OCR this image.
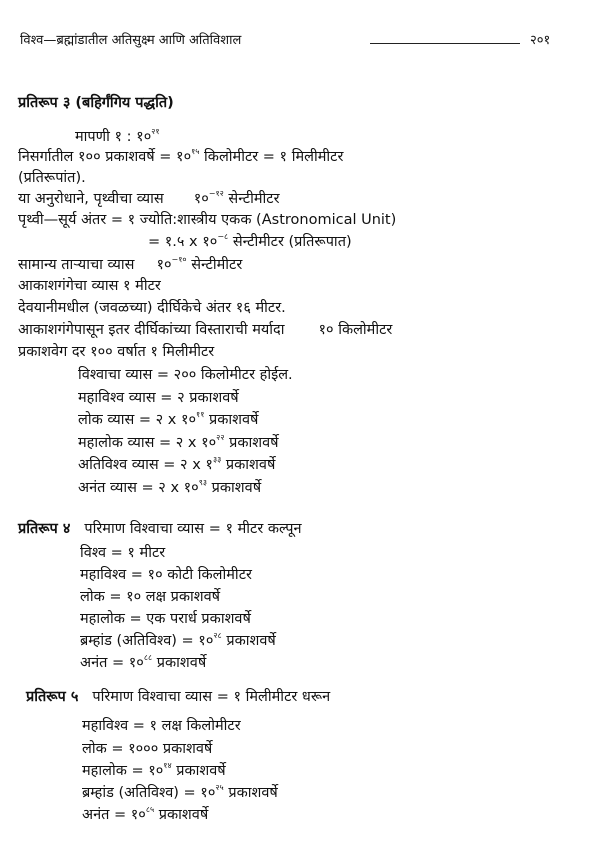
विश्व—ब्रह्मांडातील अतिसुक्ष्म आणि अतिविशाल	२०१
प्रतिरूप ३ (बहिर्गंगिय पद्धति)
मापणी १ : $१०^{२१}$
निसर्गातील १०० प्रकाशवर्षे = $१०^{१५}$ किलोमीटर = १ मिलीमीटर
(प्रतिरूपांत).
या अनुरोधाने, पृथ्वीचा व्यास $१०^{-१२}$ सेन्टीमीटर
पृथ्वी—सूर्य अंतर = १ ज्योति:शास्त्रीय एकक (Astronomical Unit)
= १.५ x $१०^{-८}$ सेन्टीमीटर (प्रतिरूपात)
सामान्य ताऱ्याचा व्यास $१०^{-१०}$ सेन्टीमीटर
आकाशगंगेचा व्यास १ मीटर
देवयानीमधील (जवळच्या) दीर्घिकेचे अंतर १६ मीटर.
आकाशगंगेपासून इतर दीर्घिकांच्या विस्ताराची मर्यादा १० किलोमीटर
प्रकाशवेग दर १०० वर्षात १ मिलीमीटर
विश्वाचा व्यास = २०० किलोमीटर होईल.
महाविश्व व्यास = २ प्रकाशवर्षे
लोक व्यास = २ x $१०^{११}$ प्रकाशवर्षे
महालोक व्यास = २ x $१०^{२२}$ प्रकाशवर्षे
अतिविश्व व्यास = २ x $१^{३३}$ प्रकाशवर्षे
अनंत व्यास = २ x $१०^{९३}$ प्रकाशवर्षे
प्रतिरूप ४ परिमाण विश्वाचा व्यास = १ मीटर कल्पून
विश्व = १ मीटर
महाविश्व = १० कोटी किलोमीटर
लोक = १० लक्ष प्रकाशवर्षे
महालोक = एक परार्ध प्रकाशवर्षे
ब्रम्हांड (अतिविश्व) = $१०^{२८}$ प्रकाशवर्षे
अनंत = $१०^{८८}$ प्रकाशवर्षे
प्रतिरूप ५ परिमाण विश्वाचा व्यास = १ मिलीमीटर धरून
महाविश्व = १ लक्ष किलोमीटर
लोक = १००० प्रकाशवर्षे
महालोक = $१०^{१४}$ प्रकाशवर्षे
ब्रम्हांड (अतिविश्व) = $१०^{२५}$ प्रकाशवर्षे
अनंत = $१०^{८५}$ प्रकाशवर्षे
